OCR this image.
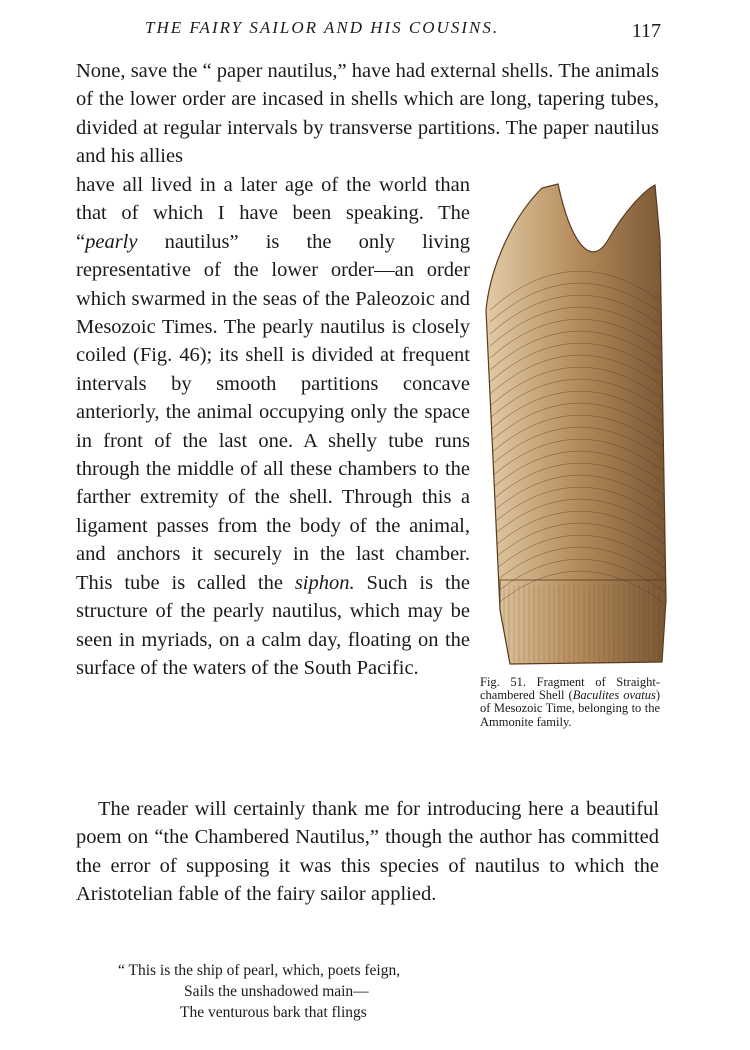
THE FAIRY SAILOR AND HIS COUSINS.	117

None, save the “ paper nautilus,” have had external shells. The animals of the lower order are incased in shells which are long, tapering tubes, divided at regular intervals by transverse partitions. The paper nautilus and his allies

have all lived in a later age of the world than that of which I have been speaking. The “pearly nautilus” is the only living representative of the lower order—an order which swarmed in the seas of the Paleozoic and Mesozoic Times. The pearly nautilus is closely coiled (Fig. 46); its shell is divided at frequent intervals by smooth partitions concave anteriorly, the animal occupying only the space in front of the last one. A shelly tube runs through the middle of all these chambers to the farther extremity of the shell. Through this a ligament passes from the body of the animal, and anchors it securely in the last chamber. This tube is called the siphon. Such is the structure of the pearly nautilus, which may be seen in myriads, on a calm day, floating on the surface of the waters of the South Pacific.

Fig. 51. Fragment of Straight-chambered Shell (Baculites ovatus) of Mesozoic Time, belonging to the Ammonite family.

The reader will certainly thank me for introducing here a beautiful poem on “the Chambered Nautilus,” though the author has committed the error of supposing it was this species of nautilus to which the Aristotelian fable of the fairy sailor applied.

“ This is the ship of pearl, which, poets feign,
Sails the unshadowed main—
The venturous bark that flings
